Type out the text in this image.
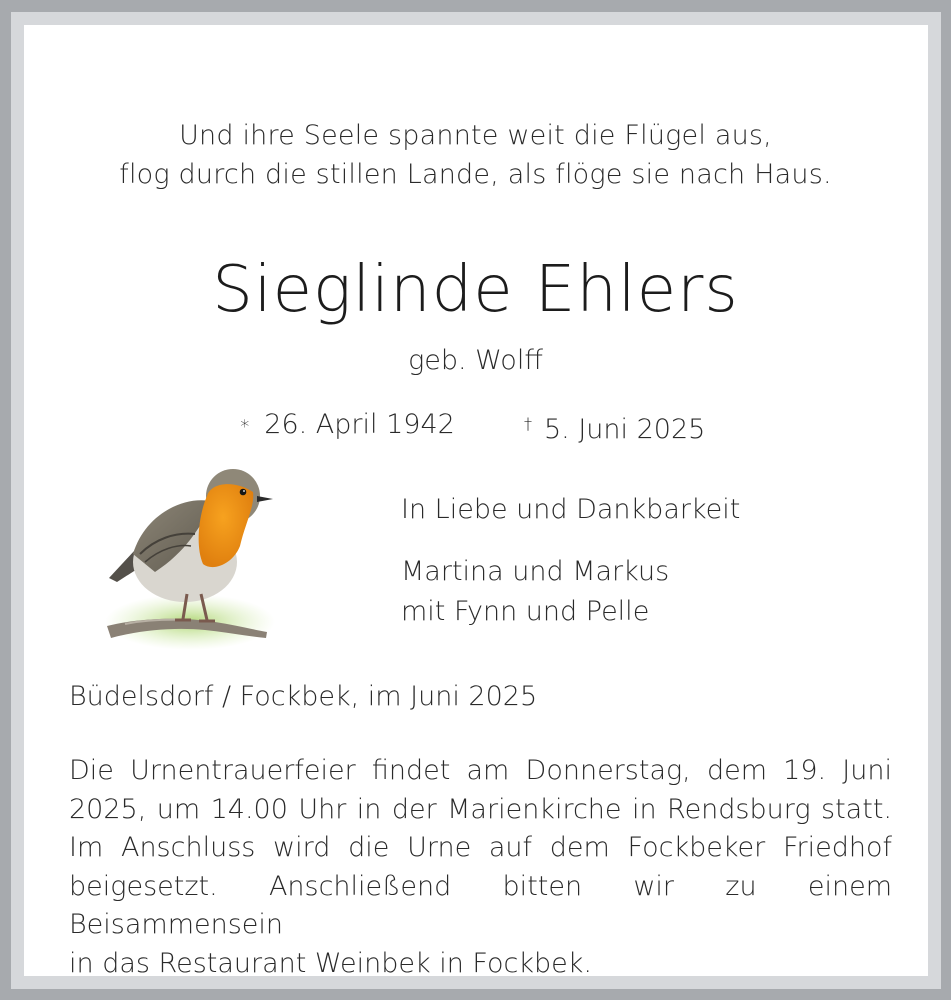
Und ihre Seele spannte weit die Flügel aus,
flog durch die stillen Lande, als flöge sie nach Haus.
Sieglinde Ehlers
geb. Wolff
∗ 26. April 1942	† 5. Juni 2025
In Liebe und Dankbarkeit
Martina und Markus
mit Fynn und Pelle
Büdelsdorf / Fockbek, im Juni 2025
Die Urnentrauerfeier findet am Donnerstag, dem 19. Juni
2025, um 14.00 Uhr in der Marienkirche in Rendsburg statt.
Im Anschluss wird die Urne auf dem Fockbeker Friedhof
beigesetzt. Anschließend bitten wir zu einem Beisammensein
in das Restaurant Weinbek in Fockbek.
